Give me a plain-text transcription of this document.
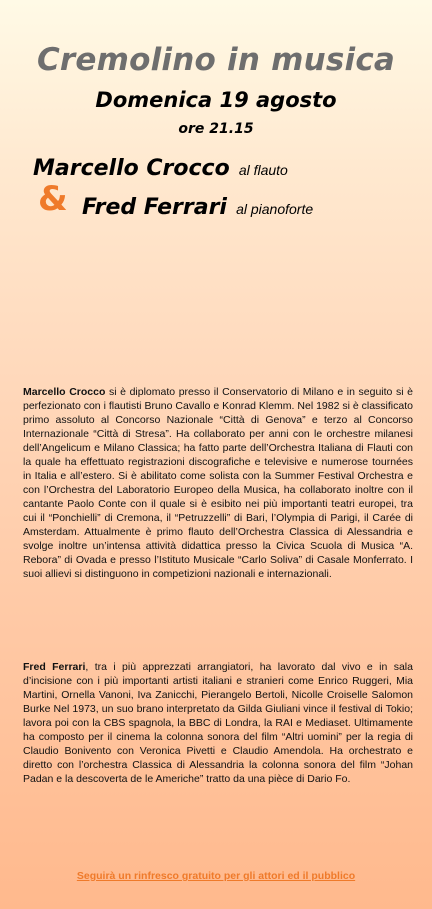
Cremolino in musica
Domenica 19 agosto
ore 21.15
Marcello Crocco al flauto
& Fred Ferrari al pianoforte
Marcello Crocco si è diplomato presso il Conservatorio di Milano e in seguito si è perfezionato con i flautisti Bruno Cavallo e Konrad Klemm. Nel 1982 si è classificato primo assoluto al Concorso Nazionale “Città di Genova” e terzo al Concorso Internazionale “Città di Stresa”. Ha collaborato per anni con le orchestre milanesi dell’Angelicum e Milano Classica; ha fatto parte dell’Orchestra Italiana di Flauti con la quale ha effettuato registrazioni discografiche e televisive e numerose tournées in Italia e all’estero. Si è abilitato come solista con la Summer Festival Orchestra e con l’Orchestra del Laboratorio Europeo della Musica, ha collaborato inoltre con il cantante Paolo Conte con il quale si è esibito nei più importanti teatri europei, tra cui il “Ponchielli” di Cremona, il “Petruzzelli” di Bari, l’Olympia di Parigi, il Carée di Amsterdam. Attualmente è primo flauto dell’Orchestra Classica di Alessandria e svolge inoltre un’intensa attività didattica presso la Civica Scuola di Musica “A. Rebora” di Ovada e presso l’Istituto Musicale “Carlo Soliva” di Casale Monferrato. I suoi allievi si distinguono in competizioni nazionali e internazionali.
Fred Ferrari, tra i più apprezzati arrangiatori, ha lavorato dal vivo e in sala d’incisione con i più importanti artisti italiani e stranieri come Enrico Ruggeri, Mia Martini, Ornella Vanoni, Iva Zanicchi, Pierangelo Bertoli, Nicolle Croiselle Salomon Burke Nel 1973, un suo brano interpretato da Gilda Giuliani vince il festival di Tokio; lavora poi con la CBS spagnola, la BBC di Londra, la RAI e Mediaset. Ultimamente ha composto per il cinema la colonna sonora del film “Altri uomini” per la regia di Claudio Bonivento con Veronica Pivetti e Claudio Amendola. Ha orchestrato e diretto con l’orchestra Classica di Alessandria la colonna sonora del film “Johan Padan e la descoverta de le Americhe” tratto da una pièce di Dario Fo.
Seguirà un rinfresco gratuito per gli attori ed il pubblico
